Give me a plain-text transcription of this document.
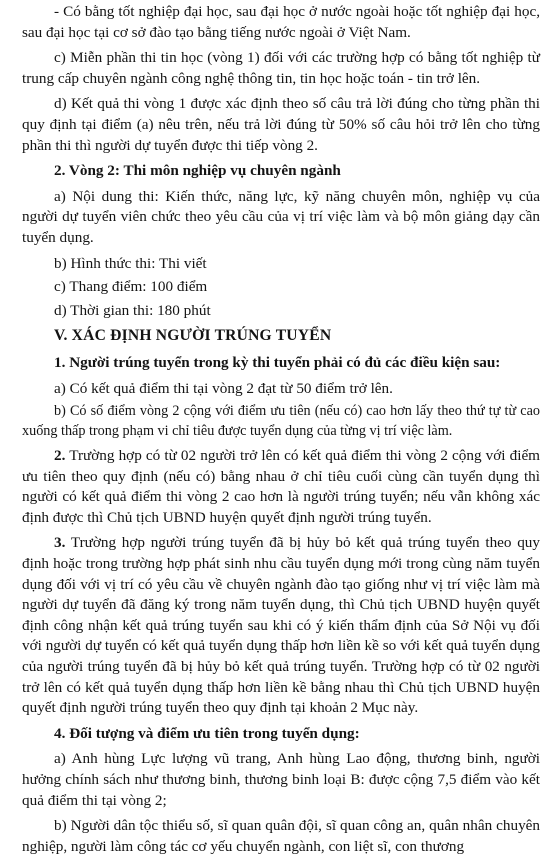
- Có bằng tốt nghiệp đại học, sau đại học ở nước ngoài hoặc tốt nghiệp đại học, sau đại học tại cơ sở đào tạo bằng tiếng nước ngoài ở Việt Nam.

c) Miễn phần thi tin học (vòng 1) đối với các trường hợp có bằng tốt nghiệp từ trung cấp chuyên ngành công nghệ thông tin, tin học hoặc toán - tin trở lên.

d) Kết quả thi vòng 1 được xác định theo số câu trả lời đúng cho từng phần thi quy định tại điểm (a) nêu trên, nếu trả lời đúng từ 50% số câu hỏi trở lên cho từng phần thi thì người dự tuyển được thi tiếp vòng 2.

2. Vòng 2: Thi môn nghiệp vụ chuyên ngành

a) Nội dung thi: Kiến thức, năng lực, kỹ năng chuyên môn, nghiệp vụ của người dự tuyển viên chức theo yêu cầu của vị trí việc làm và bộ môn giảng dạy cần tuyển dụng.

b) Hình thức thi: Thi viết

c) Thang điểm: 100 điểm

d) Thời gian thi: 180 phút

V. XÁC ĐỊNH NGƯỜI TRÚNG TUYỂN
1. Người trúng tuyển trong kỳ thi tuyển phải có đủ các điều kiện sau:

a) Có kết quả điểm thi tại vòng 2 đạt từ 50 điểm trở lên.

b) Có số điểm vòng 2 cộng với điểm ưu tiên (nếu có) cao hơn lấy theo thứ tự từ cao xuống thấp trong phạm vi chỉ tiêu được tuyển dụng của từng vị trí việc làm.

2. Trường hợp có từ 02 người trở lên có kết quả điểm thi vòng 2 cộng với điểm ưu tiên theo quy định (nếu có) bằng nhau ở chỉ tiêu cuối cùng cần tuyển dụng thì người có kết quả điểm thi vòng 2 cao hơn là người trúng tuyển; nếu vẫn không xác định được thì Chủ tịch UBND huyện quyết định người trúng tuyển.

3. Trường hợp người trúng tuyển đã bị hủy bỏ kết quả trúng tuyển theo quy định hoặc trong trường hợp phát sinh nhu cầu tuyển dụng mới trong cùng năm tuyển dụng đối với vị trí có yêu cầu về chuyên ngành đào tạo giống như vị trí việc làm mà người dự tuyển đã đăng ký trong năm tuyển dụng, thì Chủ tịch UBND huyện quyết định công nhận kết quả trúng tuyển sau khi có ý kiến thẩm định của Sở Nội vụ đối với người dự tuyển có kết quả tuyển dụng thấp hơn liền kề so với kết quả tuyển dụng của người trúng tuyển đã bị hủy bỏ kết quả trúng tuyển. Trường hợp có từ 02 người trở lên có kết quả tuyển dụng thấp hơn liền kề bằng nhau thì Chủ tịch UBND huyện quyết định người trúng tuyển theo quy định tại khoản 2 Mục này.

4. Đối tượng và điểm ưu tiên trong tuyển dụng:

a) Anh hùng Lực lượng vũ trang, Anh hùng Lao động, thương binh, người hưởng chính sách như thương binh, thương binh loại B: được cộng 7,5 điểm vào kết quả điểm thi tại vòng 2;

b) Người dân tộc thiểu số, sĩ quan quân đội, sĩ quan công an, quân nhân chuyên nghiệp, người làm công tác cơ yếu chuyển ngành, con liệt sĩ, con thương
